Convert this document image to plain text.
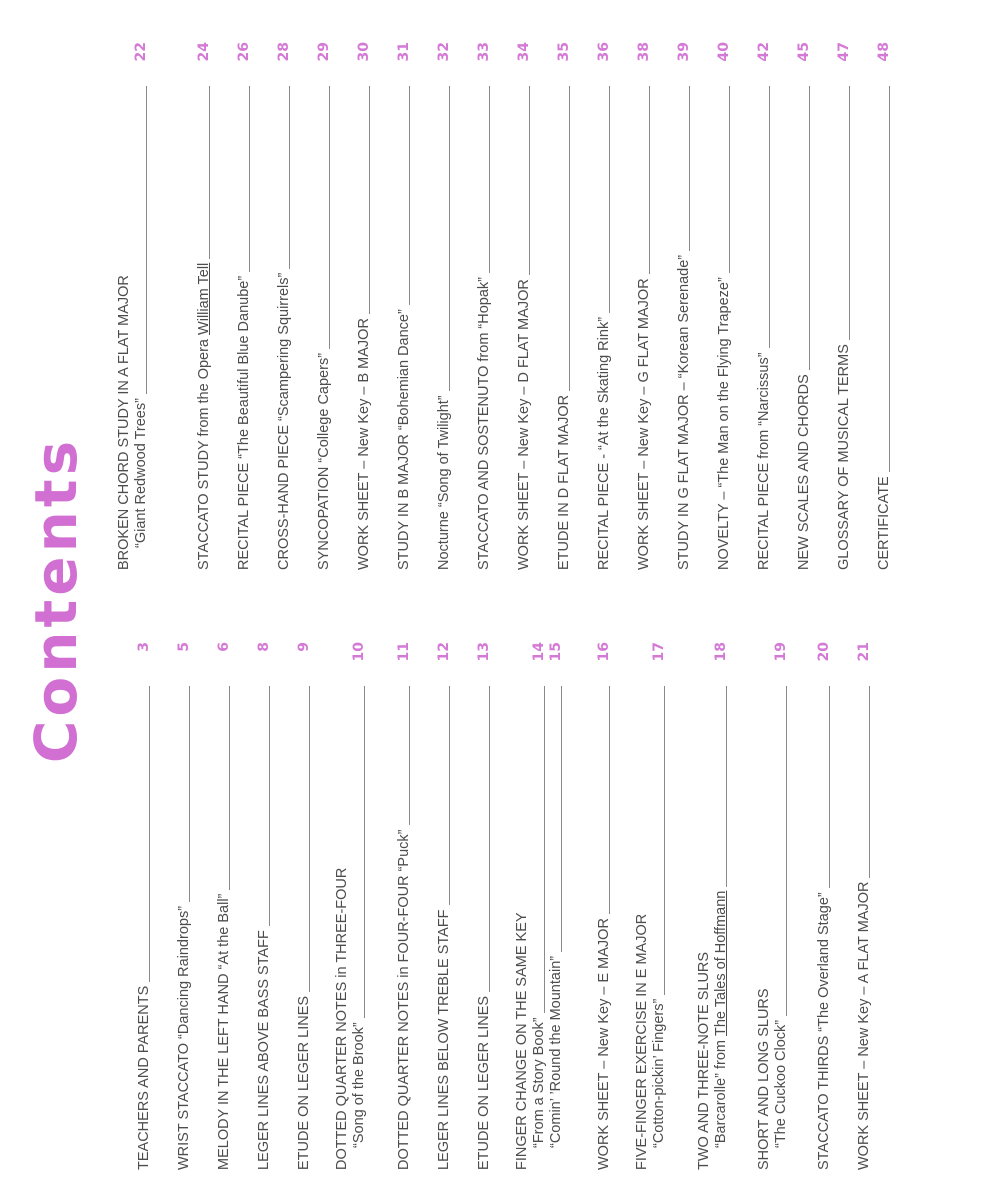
Contents
TEACHERS AND PARENTS
3
WRIST STACCATO “Dancing Raindrops”
5
MELODY IN THE LEFT HAND “At the Ball”
6
LEGER LINES ABOVE BASS STAFF
8
ETUDE ON LEGER LINES
9
DOTTED QUARTER NOTES in THREE-FOUR “Song of the Brook”
10
DOTTED QUARTER NOTES in FOUR-FOUR “Puck”
11
LEGER LINES BELOW TREBLE STAFF
12
ETUDE ON LEGER LINES
13
FINGER CHANGE ON THE SAME KEY “From a Story Book” “Comin’ ’Round the Mountain”
14 15
WORK SHEET – New Key – E MAJOR
16
FIVE-FINGER EXERCISE IN E MAJOR “Cotton-pickin’ Fingers”
17
TWO AND THREE-NOTE SLURS “Barcarolle” from

The Tales of Hoffmann
18
SHORT AND LONG SLURS “The Cuckoo Clock”
19
STACCATO THIRDS “The Overland Stage”
20
WORK SHEET – New Key – A FLAT MAJOR
21
BROKEN CHORD STUDY IN A FLAT MAJOR “Giant Redwood Trees”
22
STACCATO STUDY from the Opera

William Tell
24
RECITAL PIECE “The Beautiful Blue Danube”
26
CROSS-HAND PIECE “Scampering Squirrels”
28
SYNCOPATION “College Capers”
29
WORK SHEET – New Key – B MAJOR
30
STUDY IN B MAJOR “Bohemian Dance”
31
Nocturne “Song of Twilight”
32
STACCATO AND SOSTENUTO from “Hopak”
33
WORK SHEET – New Key – D FLAT MAJOR
34
ETUDE IN D FLAT MAJOR
35
RECITAL PIECE - “At the Skating Rink”
36
WORK SHEET – New Key – G FLAT MAJOR
38
STUDY IN G FLAT MAJOR – “Korean Serenade”
39
NOVELTY – “The Man on the Flying Trapeze”
40
RECITAL PIECE from “Narcissus”
42
NEW SCALES AND CHORDS
45
GLOSSARY OF MUSICAL TERMS
47
CERTIFICATE
48
